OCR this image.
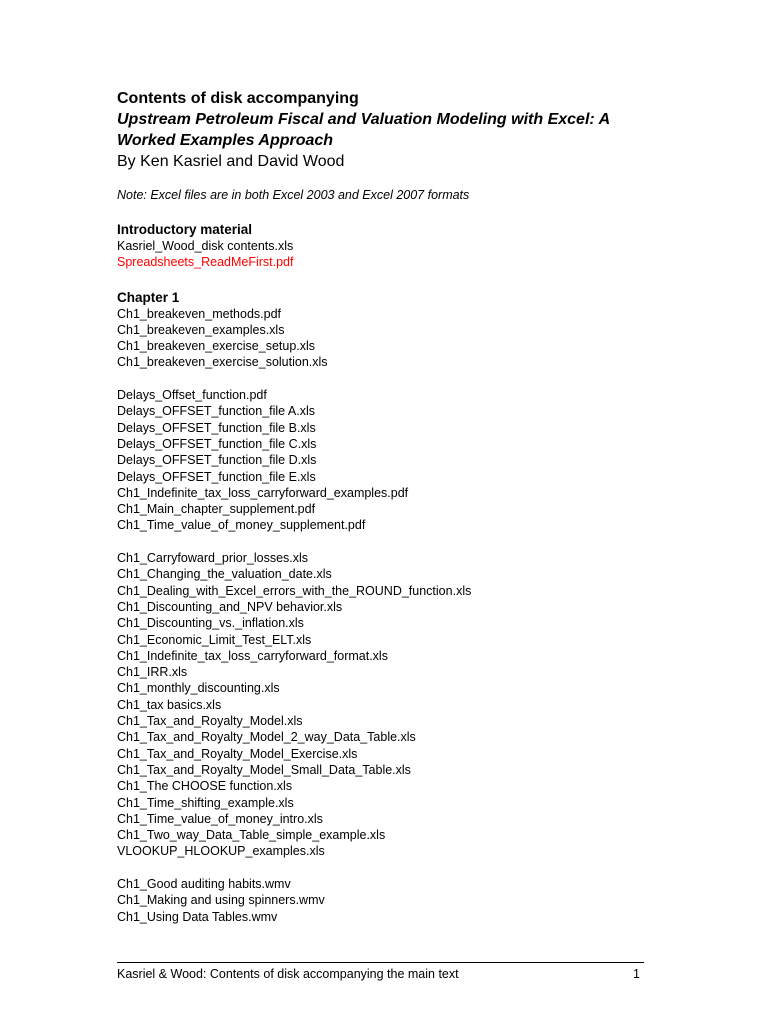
Contents of disk accompanying
Upstream Petroleum Fiscal and Valuation Modeling with Excel: A
Worked Examples Approach
By Ken Kasriel and David Wood
Note: Excel files are in both Excel 2003 and Excel 2007 formats
Introductory material
Kasriel_Wood_disk contents.xls
Spreadsheets_ReadMeFirst.pdf
Chapter 1
Ch1_breakeven_methods.pdf
Ch1_breakeven_examples.xls
Ch1_breakeven_exercise_setup.xls
Ch1_breakeven_exercise_solution.xls
Delays_Offset_function.pdf
Delays_OFFSET_function_file A.xls
Delays_OFFSET_function_file B.xls
Delays_OFFSET_function_file C.xls
Delays_OFFSET_function_file D.xls
Delays_OFFSET_function_file E.xls
Ch1_Indefinite_tax_loss_carryforward_examples.pdf
Ch1_Main_chapter_supplement.pdf
Ch1_Time_value_of_money_supplement.pdf
Ch1_Carryfoward_prior_losses.xls
Ch1_Changing_the_valuation_date.xls
Ch1_Dealing_with_Excel_errors_with_the_ROUND_function.xls
Ch1_Discounting_and_NPV behavior.xls
Ch1_Discounting_vs._inflation.xls
Ch1_Economic_Limit_Test_ELT.xls
Ch1_Indefinite_tax_loss_carryforward_format.xls
Ch1_IRR.xls
Ch1_monthly_discounting.xls
Ch1_tax basics.xls
Ch1_Tax_and_Royalty_Model.xls
Ch1_Tax_and_Royalty_Model_2_way_Data_Table.xls
Ch1_Tax_and_Royalty_Model_Exercise.xls
Ch1_Tax_and_Royalty_Model_Small_Data_Table.xls
Ch1_The CHOOSE function.xls
Ch1_Time_shifting_example.xls
Ch1_Time_value_of_money_intro.xls
Ch1_Two_way_Data_Table_simple_example.xls
VLOOKUP_HLOOKUP_examples.xls
Ch1_Good auditing habits.wmv
Ch1_Making and using spinners.wmv
Ch1_Using Data Tables.wmv
Kasriel & Wood: Contents of disk accompanying the main text	1
